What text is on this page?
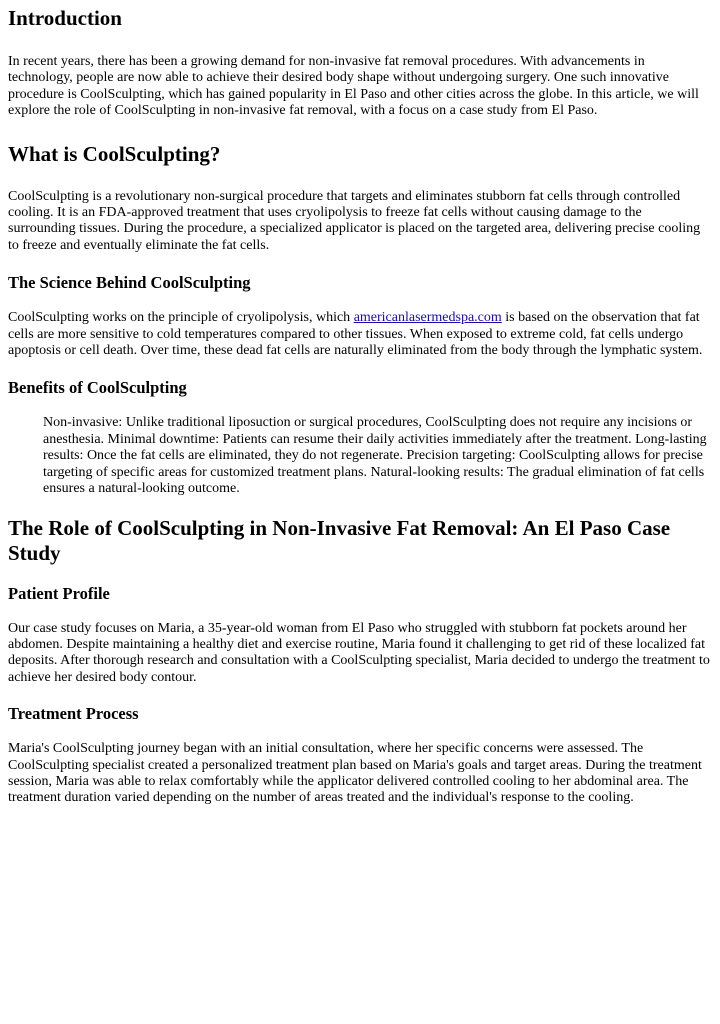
Introduction

In recent years, there has been a growing demand for non-invasive fat removal procedures. With advancements in technology, people are now able to achieve their desired body shape without undergoing surgery. One such innovative procedure is CoolSculpting, which has gained popularity in El Paso and other cities across the globe. In this article, we will explore the role of CoolSculpting in non-invasive fat removal, with a focus on a case study from El Paso.

What is CoolSculpting?

CoolSculpting is a revolutionary non-surgical procedure that targets and eliminates stubborn fat cells through controlled cooling. It is an FDA-approved treatment that uses cryolipolysis to freeze fat cells without causing damage to the surrounding tissues. During the procedure, a specialized applicator is placed on the targeted area, delivering precise cooling to freeze and eventually eliminate the fat cells.

The Science Behind CoolSculpting

CoolSculpting works on the principle of cryolipolysis, which americanlasermedspa.com is based on the observation that fat cells are more sensitive to cold temperatures compared to other tissues. When exposed to extreme cold, fat cells undergo apoptosis or cell death. Over time, these dead fat cells are naturally eliminated from the body through the lymphatic system.

Benefits of CoolSculpting
Non-invasive: Unlike traditional liposuction or surgical procedures, CoolSculpting does not require any incisions or anesthesia. Minimal downtime: Patients can resume their daily activities immediately after the treatment. Long-lasting results: Once the fat cells are eliminated, they do not regenerate. Precision targeting: CoolSculpting allows for precise targeting of specific areas for customized treatment plans. Natural-looking results: The gradual elimination of fat cells ensures a natural-looking outcome.
The Role of CoolSculpting in Non-Invasive Fat Removal: An El Paso Case Study
Patient Profile

Our case study focuses on Maria, a 35-year-old woman from El Paso who struggled with stubborn fat pockets around her abdomen. Despite maintaining a healthy diet and exercise routine, Maria found it challenging to get rid of these localized fat deposits. After thorough research and consultation with a CoolSculpting specialist, Maria decided to undergo the treatment to achieve her desired body contour.

Treatment Process

Maria's CoolSculpting journey began with an initial consultation, where her specific concerns were assessed. The CoolSculpting specialist created a personalized treatment plan based on Maria's goals and target areas. During the treatment session, Maria was able to relax comfortably while the applicator delivered controlled cooling to her abdominal area. The treatment duration varied depending on the number of areas treated and the individual's response to the cooling.
